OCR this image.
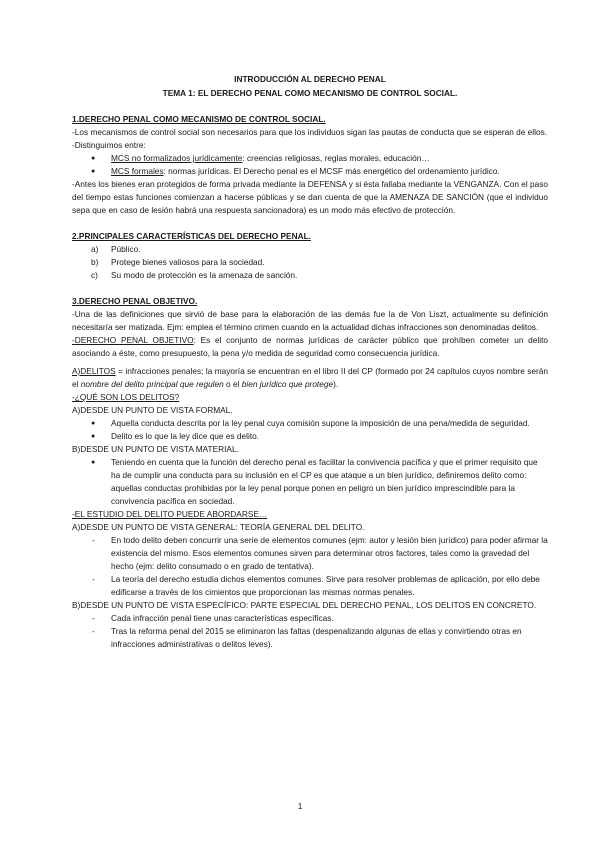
INTRODUCCIÓN AL DERECHO PENAL
TEMA 1: EL DERECHO PENAL COMO MECANISMO DE CONTROL SOCIAL.
1.DERECHO PENAL COMO MECANISMO DE CONTROL SOCIAL.

-Los mecanismos de control social son necesarios para que los individuos sigan las pautas de conducta que se esperan de ellos.

-Distinguimos entre:

● MCS no formalizados jurídicamente: creencias religiosas, reglas morales, educación…
● MCS formales: normas jurídicas. El Derecho penal es el MCSF más energético del ordenamiento jurídico.

-Antes los bienes eran protegidos de forma privada mediante la DEFENSA y si ésta fallaba mediante la VENGANZA. Con el paso del tiempo estas funciones comienzan a hacerse públicas y se dan cuenta de que la AMENAZA DE SANCIÓN (que el individuo sepa que en caso de lesión habrá una respuesta sancionadora) es un modo más efectivo de protección.

2.PRINCIPALES CARACTERÍSTICAS DEL DERECHO PENAL.
a) Público.
b) Protege bienes valiosos para la sociedad.
c) Su modo de protección es la amenaza de sanción.
3.DERECHO PENAL OBJETIVO.

-Una de las definiciones que sirvió de base para la elaboración de las demás fue la de Von Liszt, actualmente su definición necesitaría ser matizada. Ejm: emplea el término crimen cuando en la actualidad dichas infracciones son denominadas delitos.

-DERECHO PENAL OBJETIVO: Es el conjunto de normas jurídicas de carácter público que prohíben cometer un delito asociando a éste, como presupuesto, la pena y/o medida de seguridad como consecuencia jurídica.

A)DELITOS = infracciones penales; la mayoría se encuentran en el libro II del CP (formado por 24 capítulos cuyos nombre serán el nombre del delito principal que regulen o el bien jurídico que protege).

-¿QUÉ SON LOS DELITOS?
A)DESDE UN PUNTO DE VISTA FORMAL.
● Aquella conducta descrita por la ley penal cuya comisión supone la imposición de una pena/medida de seguridad.
● Delito es lo que la ley dice que es delito.
B)DESDE UN PUNTO DE VISTA MATERIAL.
● Teniendo en cuenta que la función del derecho penal es facilitar la convivencia pacífica y que el primer requisito que ha de cumplir una conducta para su inclusión en el CP es que ataque a un bien jurídico, definiremos delito como: aquellas conductas prohibidas por la ley penal porque ponen en peligro un bien jurídico imprescindible para la convivencia pacífica en sociedad.
-EL ESTUDIO DEL DELITO PUEDE ABORDARSE…
A)DESDE UN PUNTO DE VISTA GENERAL: TEORÍA GENERAL DEL DELITO.
- En todo delito deben concurrir una serie de elementos comunes (ejm: autor y lesión bien jurídico) para poder afirmar la existencia del mismo. Esos elementos comunes sirven para determinar otros factores, tales como la gravedad del hecho (ejm: delito consumado o en grado de tentativa).
- La teoría del derecho estudia dichos elementos comunes. Sirve para resolver problemas de aplicación, por ello debe edificarse a través de los cimientos que proporcionan las mismas normas penales.
B)DESDE UN PUNTO DE VISTA ESPECÍFICO: PARTE ESPECIAL DEL DERECHO PENAL, LOS DELITOS EN CONCRETO.
- Cada infracción penal tiene unas características específicas.
- Tras la reforma penal del 2015 se eliminaron las faltas (despenalizando algunas de ellas y convirtiendo otras en infracciones administrativas o delitos leves).
1
